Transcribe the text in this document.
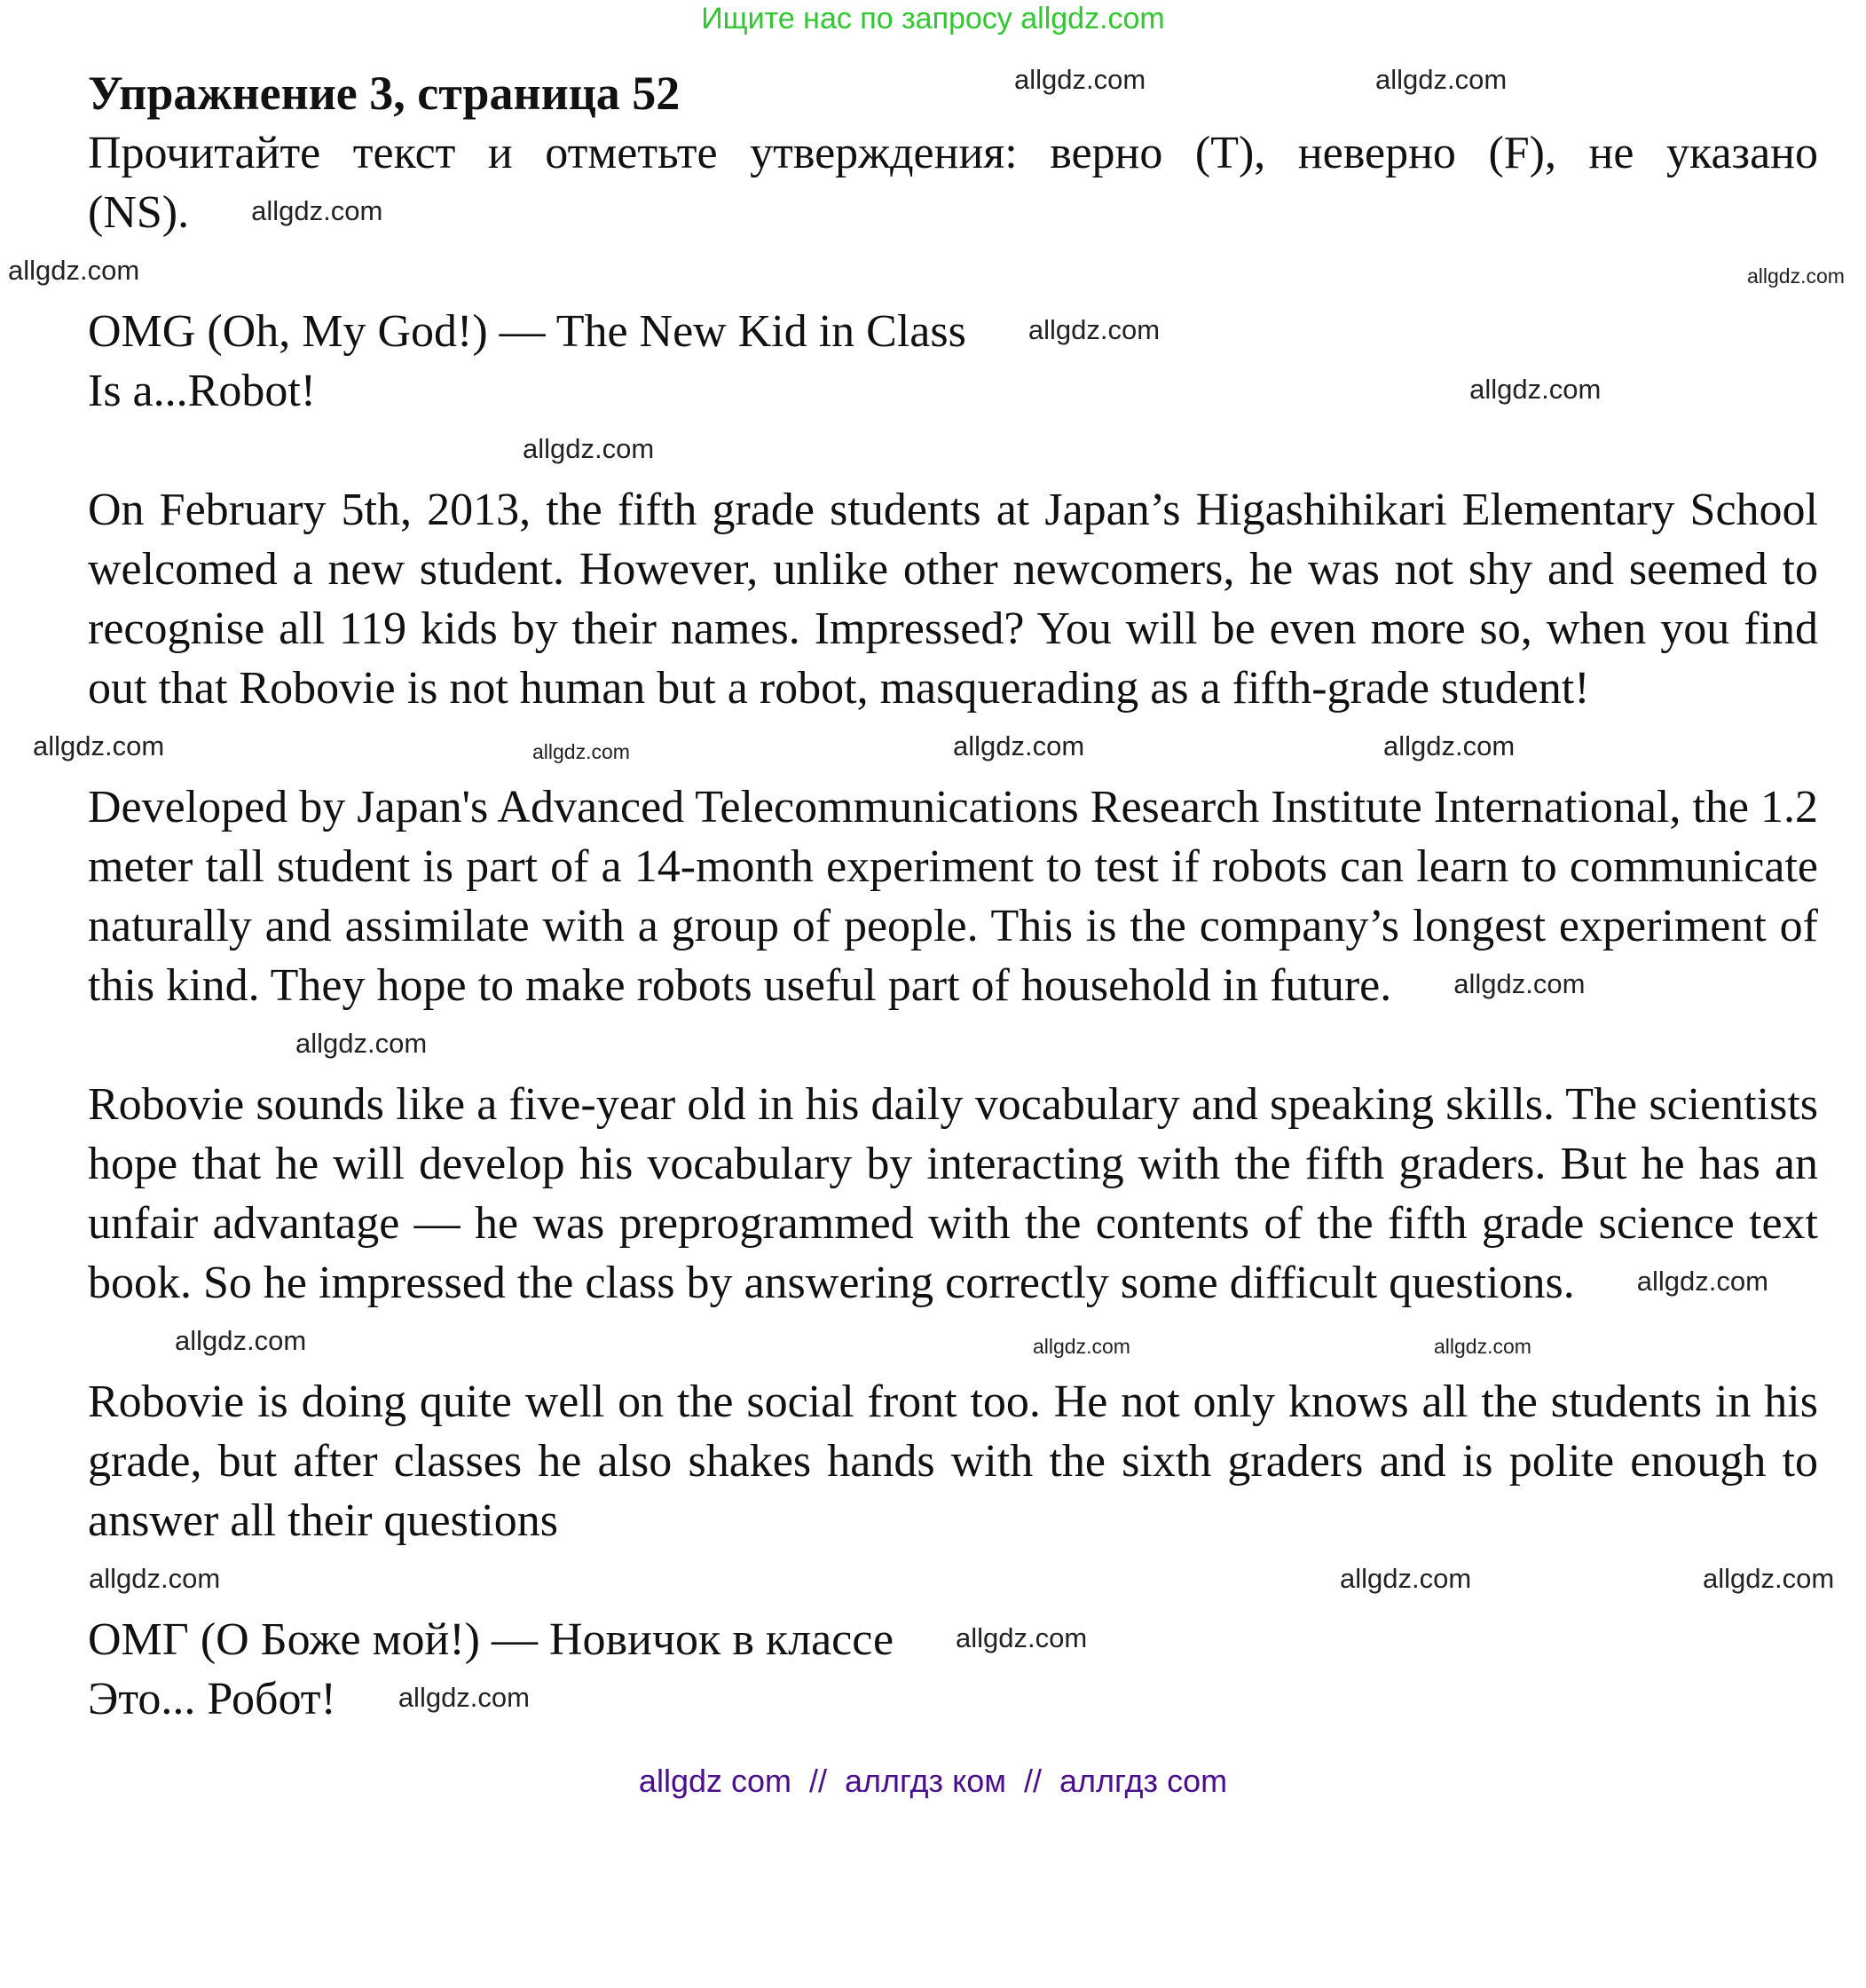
Ищите нас по запросу allgdz.com
Упражнение 3, страница 52	allgdz.com	allgdz.com
Прочитайте текст и отметьте утверждения: верно (T), неверно (F), не указано (NS). allgdz.com
allgdz.com	allgdz.com
OMG (Oh, My God!) — The New Kid in Class allgdz.com
Is a...Robot!	allgdz.com
allgdz.com
On February 5th, 2013, the fifth grade students at Japan’s Higashihikari Elementary School welcomed a new student. However, unlike other newcomers, he was not shy and seemed to recognise all 119 kids by their names. Impressed? You will be even more so, when you find out that Robovie is not human but a robot, masquerading as a fifth-grade student!
allgdz.com	allgdz.com	allgdz.com	allgdz.com
Developed by Japan's Advanced Telecommunications Research Institute International, the 1.2 meter tall student is part of a 14-month experiment to test if robots can learn to communicate naturally and assimilate with a group of people. This is the company’s longest experiment of this kind. They hope to make robots useful part of household in future. allgdz.com
allgdz.com
Robovie sounds like a five-year old in his daily vocabulary and speaking skills. The scientists hope that he will develop his vocabulary by interacting with the fifth graders. But he has an unfair advantage — he was preprogrammed with the contents of the fifth grade science text book. So he impressed the class by answering correctly some difficult questions. allgdz.com
allgdz.com	allgdz.com	allgdz.com
Robovie is doing quite well on the social front too. He not only knows all the students in his grade, but after classes he also shakes hands with the sixth graders and is polite enough to answer all their questions
allgdz.com	allgdz.com	allgdz.com
ОМГ (О Боже мой!) — Новичок в классе allgdz.com
Это... Робот! allgdz.com
allgdz com  //  аллгдз ком  //  аллгдз com
